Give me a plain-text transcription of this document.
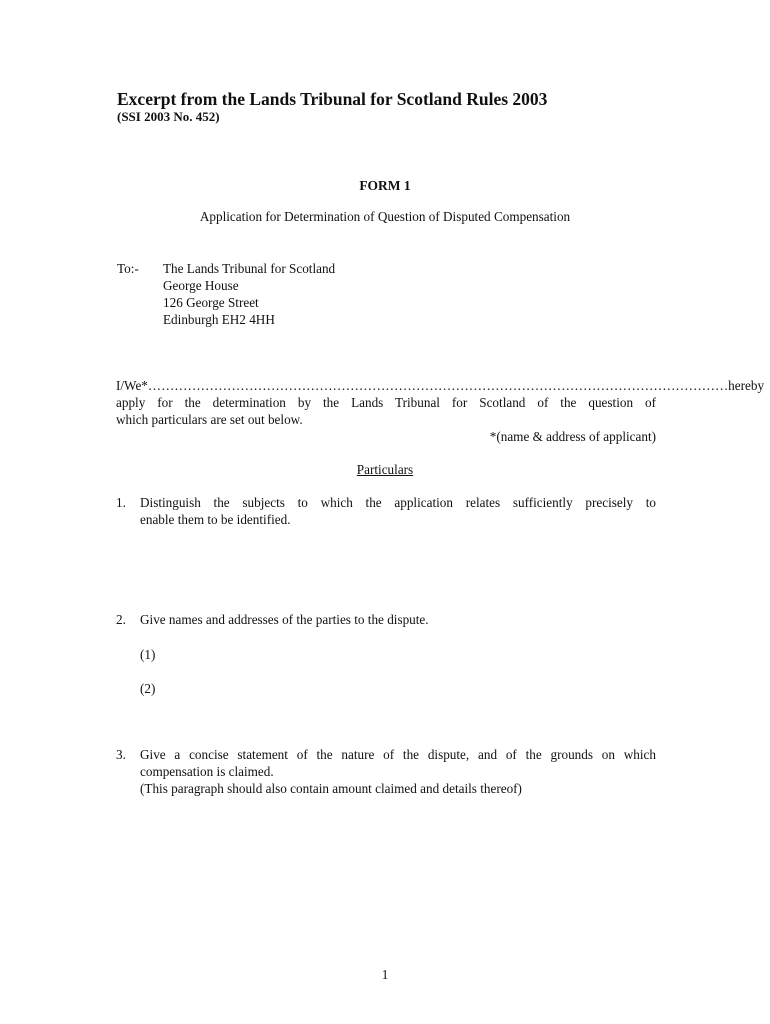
Excerpt from the Lands Tribunal for Scotland Rules 2003
(SSI 2003 No. 452)
FORM 1
Application for Determination of Question of Disputed Compensation
To:- The Lands Tribunal for Scotland
George House
126 George Street
Edinburgh EH2 4HH
I/We* …………………………………………………………………………………………………………………… hereby
apply for the determination by the Lands Tribunal for Scotland of the question of
which particulars are set out below.
*(name & address of applicant)
Particulars
1. Distinguish the subjects to which the application relates sufficiently precisely to
enable them to be identified.
2. Give names and addresses of the parties to the dispute.
(1)
(2)
3. Give a concise statement of the nature of the dispute, and of the grounds on which
compensation is claimed.
(This paragraph should also contain amount claimed and details thereof)
1
